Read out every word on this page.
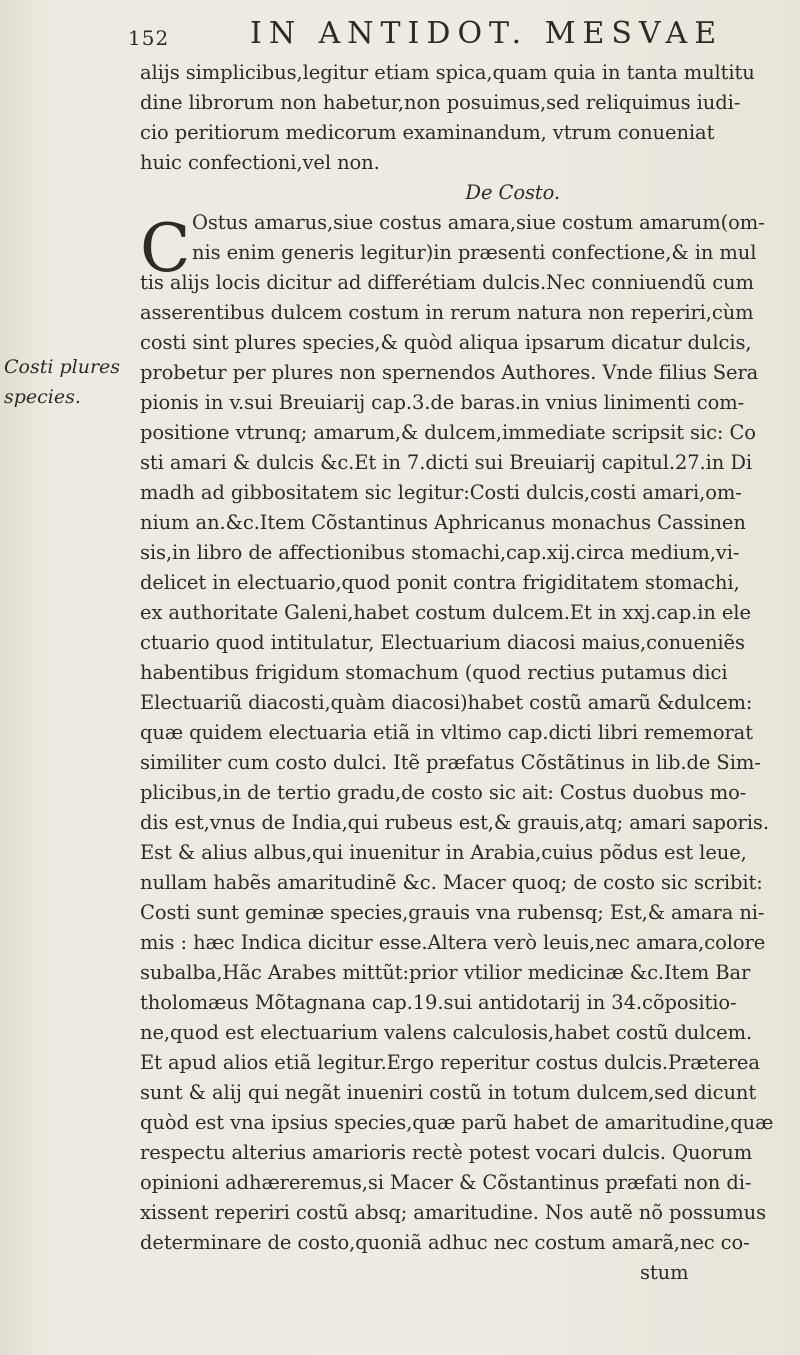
152	IN ANTIDOT. MESVAE
Costi plures
species.
C
alijs simplicibus,legitur etiam spica,quam quia in tanta multitu
dine librorum non habetur,non posuimus,sed reliquimus iudi-
cio peritiorum medicorum examinandum, vtrum conueniat
huic confectioni,vel non.
De Costo.
Ostus amarus,siue costus amara,siue costum amarum(om-
nis enim generis legitur)in præsenti confectione,& in mul
tis alijs locis dicitur ad differétiam dulcis.Nec conniuendũ cum
asserentibus dulcem costum in rerum natura non reperiri,cùm
costi sint plures species,& quòd aliqua ipsarum dicatur dulcis,
probetur per plures non spernendos Authores. Vnde filius Sera
pionis in v.sui Breuiarij cap.3.de baras.in vnius linimenti com-
positione vtrunq; amarum,& dulcem,immediate scripsit sic: Co
sti amari & dulcis &c.Et in 7.dicti sui Breuiarij capitul.27.in Di
madh ad gibbositatem sic legitur:Costi dulcis,costi amari,om-
nium an.&c.Item Cõstantinus Aphricanus monachus Cassinen
sis,in libro de affectionibus stomachi,cap.xij.circa medium,vi-
delicet in electuario,quod ponit contra frigiditatem stomachi,
ex authoritate Galeni,habet costum dulcem.Et in xxj.cap.in ele
ctuario quod intitulatur, Electuarium diacosi maius,conueniẽs
habentibus frigidum stomachum (quod rectius putamus dici
Electuariũ diacosti,quàm diacosi)habet costũ amarũ &dulcem:
quæ quidem electuaria etiã in vltimo cap.dicti libri rememorat
similiter cum costo dulci. Itẽ præfatus Cõstãtinus in lib.de Sim-
plicibus,in de tertio gradu,de costo sic ait: Costus duobus mo-
dis est,vnus de India,qui rubeus est,& grauis,atq; amari saporis.
Est & alius albus,qui inuenitur in Arabia,cuius põdus est leue,
nullam habẽs amaritudinẽ &c. Macer quoq; de costo sic scribit:
Costi sunt geminæ species,grauis vna rubensq; Est,& amara ni-
mis : hæc Indica dicitur esse.Altera verò leuis,nec amara,colore
subalba,Hãc Arabes mittũt:prior vtilior medicinæ &c.Item Bar
tholomæus Mõtagnana cap.19.sui antidotarij in 34.cõpositio-
ne,quod est electuarium valens calculosis,habet costũ dulcem.
Et apud alios etiã legitur.Ergo reperitur costus dulcis.Præterea
sunt & alij qui negãt inueniri costũ in totum dulcem,sed dicunt
quòd est vna ipsius species,quæ parũ habet de amaritudine,quæ
respectu alterius amarioris rectè potest vocari dulcis. Quorum
opinioni adhæreremus,si Macer & Cõstantinus præfati non di-
xissent reperiri costũ absq; amaritudine. Nos autẽ nõ possumus
determinare de costo,quoniã adhuc nec costum amarã,nec co-
stum
